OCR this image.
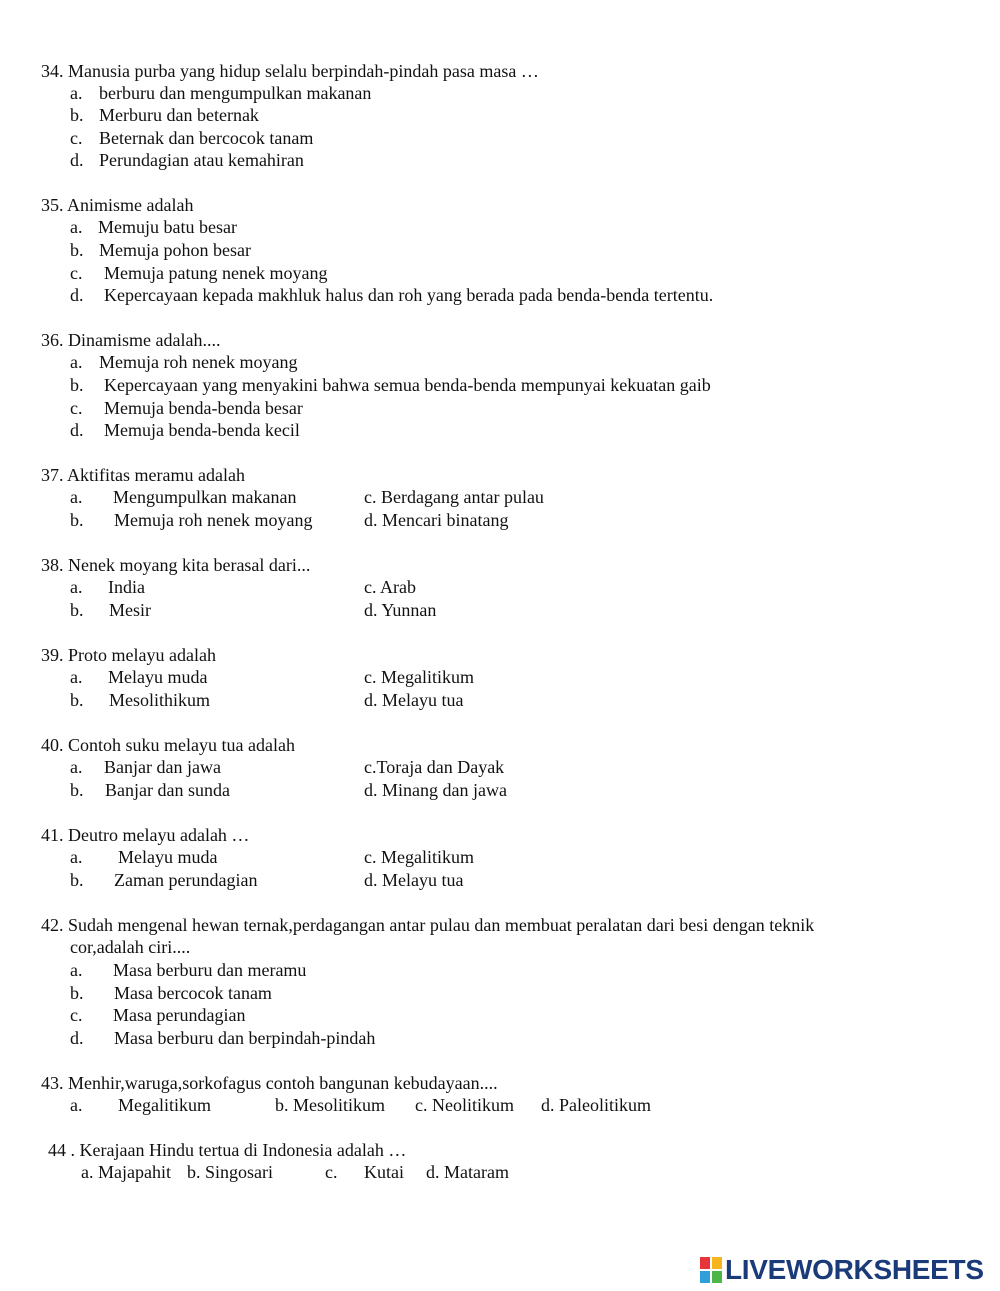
34. Manusia purba yang hidup selalu berpindah-pindah pasa masa …
a. berburu dan mengumpulkan makanan
b. Merburu dan beternak
c. Beternak dan bercocok tanam
d. Perundagian atau kemahiran
35. Animisme adalah
a. Memuju batu besar
b. Memuja pohon besar
c. Memuja patung nenek moyang
d. Kepercayaan kepada makhluk halus dan roh yang berada pada benda-benda tertentu.
36. Dinamisme adalah....
a. Memuja roh nenek moyang
b. Kepercayaan yang menyakini bahwa semua benda-benda mempunyai kekuatan gaib
c. Memuja benda-benda besar
d. Memuja benda-benda kecil
37. Aktifitas meramu adalah
a. Mengumpulkan makanan	c. Berdagang antar pulau
b. Memuja roh nenek moyang	d. Mencari binatang
38. Nenek moyang kita berasal dari...
a. India	c. Arab
b. Mesir	d. Yunnan
39. Proto melayu adalah
a. Melayu muda	c. Megalitikum
b. Mesolithikum	d. Melayu tua
40. Contoh suku melayu tua adalah
a. Banjar dan jawa	c.Toraja dan Dayak
b. Banjar dan sunda	d. Minang dan jawa
41. Deutro melayu adalah …
a. Melayu muda	c. Megalitikum
b. Zaman perundagian	d. Melayu tua
42. Sudah mengenal hewan ternak,perdagangan antar pulau dan membuat peralatan dari besi dengan teknik
cor,adalah ciri....
a. Masa berburu dan meramu
b. Masa bercocok tanam
c. Masa perundagian
d. Masa berburu dan berpindah-pindah
43. Menhir,waruga,sorkofagus contoh bangunan kebudayaan....
a. Megalitikum	b. Mesolitikum c. Neolitikum d. Paleolitikum
44 . Kerajaan Hindu tertua di Indonesia adalah …
a. Majapahit b. Singosari	c. Kutai d. Mataram
LIVEWORKSHEETS
